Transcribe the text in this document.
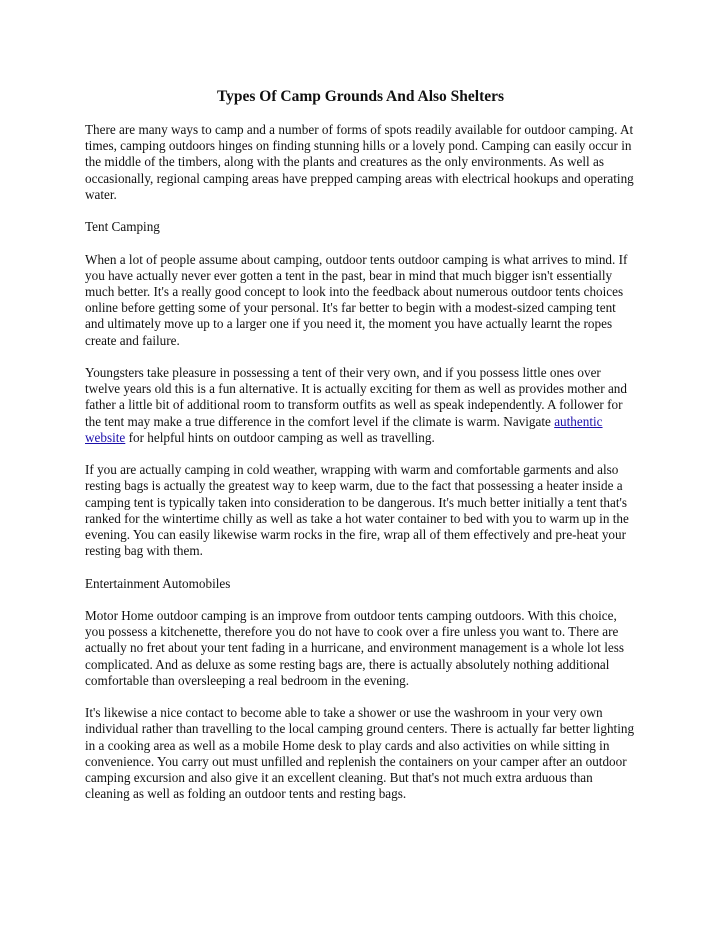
Types Of Camp Grounds And Also Shelters

There are many ways to camp and a number of forms of spots readily available for outdoor camping. At times, camping outdoors hinges on finding stunning hills or a lovely pond. Camping can easily occur in the middle of the timbers, along with the plants and creatures as the only environments. As well as occasionally, regional camping areas have prepped camping areas with electrical hookups and operating water.

Tent Camping

When a lot of people assume about camping, outdoor tents outdoor camping is what arrives to mind. If you have actually never ever gotten a tent in the past, bear in mind that much bigger isn't essentially much better. It's a really good concept to look into the feedback about numerous outdoor tents choices online before getting some of your personal. It's far better to begin with a modest-sized camping tent and ultimately move up to a larger one if you need it, the moment you have actually learnt the ropes create and failure.

Youngsters take pleasure in possessing a tent of their very own, and if you possess little ones over twelve years old this is a fun alternative. It is actually exciting for them as well as provides mother and father a little bit of additional room to transform outfits as well as speak independently. A follower for the tent may make a true difference in the comfort level if the climate is warm. Navigate authentic website for helpful hints on outdoor camping as well as travelling.

If you are actually camping in cold weather, wrapping with warm and comfortable garments and also resting bags is actually the greatest way to keep warm, due to the fact that possessing a heater inside a camping tent is typically taken into consideration to be dangerous. It's much better initially a tent that's ranked for the wintertime chilly as well as take a hot water container to bed with you to warm up in the evening. You can easily likewise warm rocks in the fire, wrap all of them effectively and pre-heat your resting bag with them.

Entertainment Automobiles

Motor Home outdoor camping is an improve from outdoor tents camping outdoors. With this choice, you possess a kitchenette, therefore you do not have to cook over a fire unless you want to. There are actually no fret about your tent fading in a hurricane, and environment management is a whole lot less complicated. And as deluxe as some resting bags are, there is actually absolutely nothing additional comfortable than oversleeping a real bedroom in the evening.

It's likewise a nice contact to become able to take a shower or use the washroom in your very own individual rather than travelling to the local camping ground centers. There is actually far better lighting in a cooking area as well as a mobile Home desk to play cards and also activities on while sitting in convenience. You carry out must unfilled and replenish the containers on your camper after an outdoor camping excursion and also give it an excellent cleaning. But that's not much extra arduous than cleaning as well as folding an outdoor tents and resting bags.
